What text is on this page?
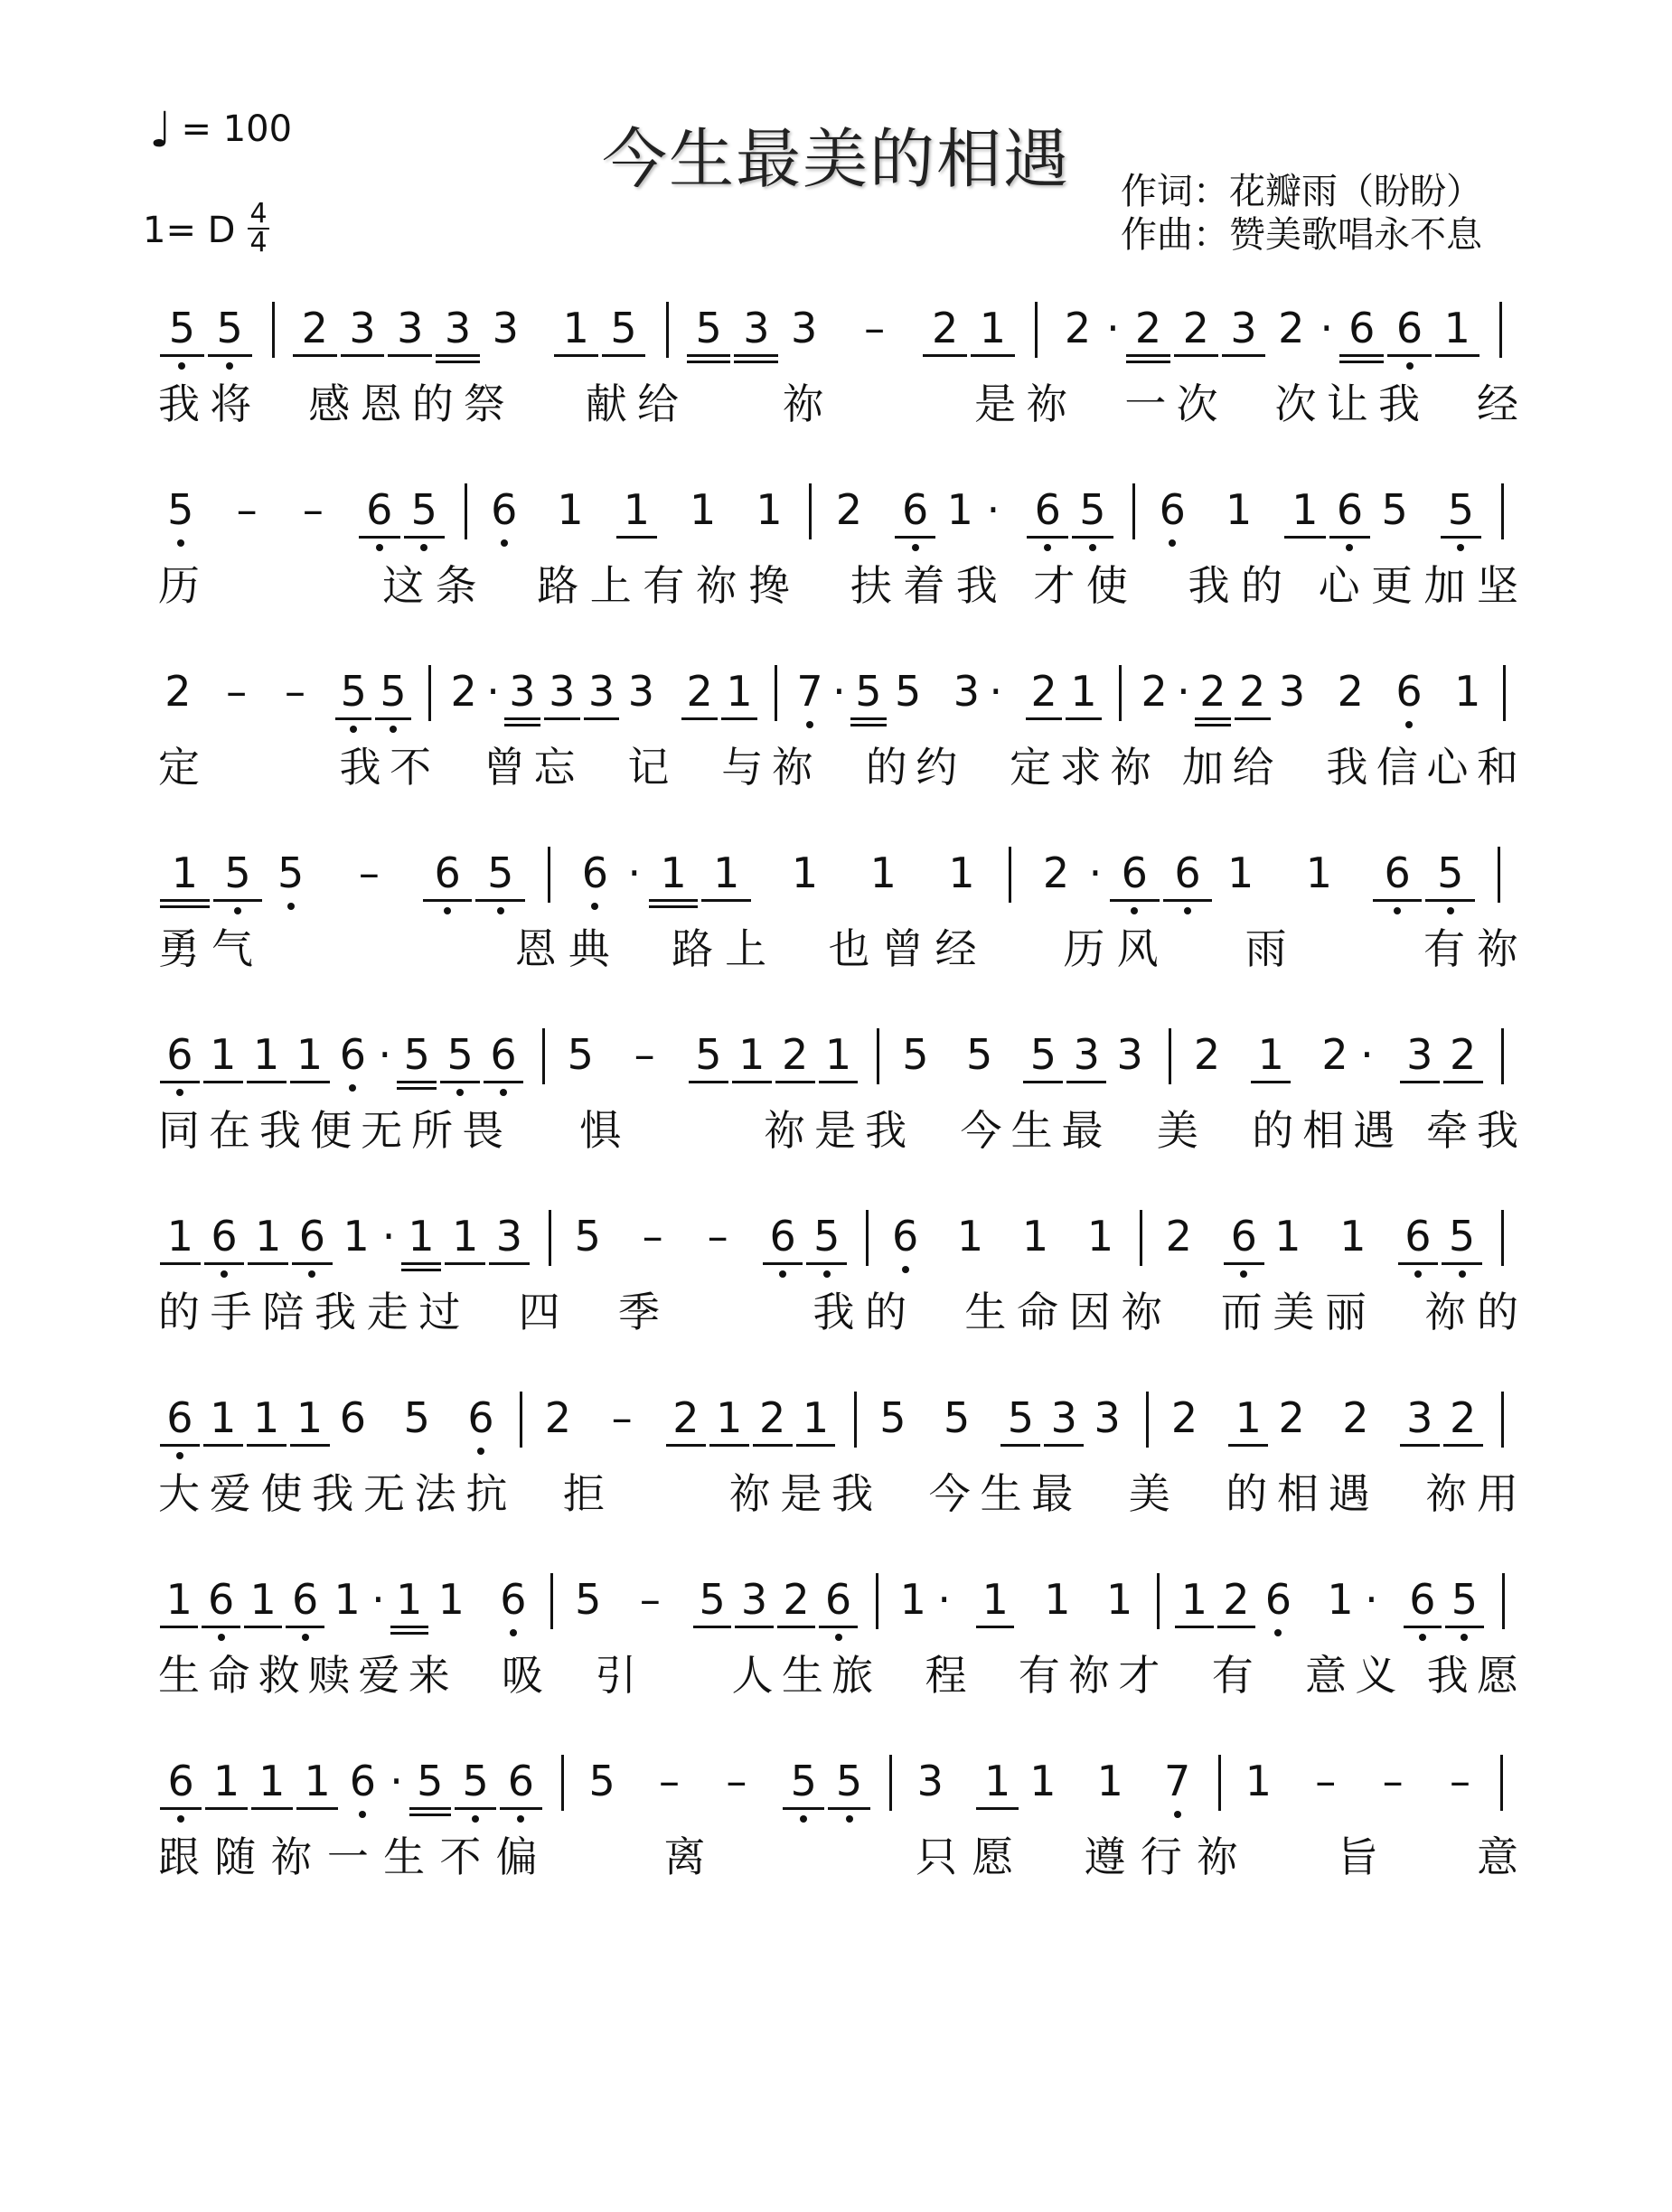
♩ = 100
1= D 4
4
今生最美的相遇	作词：花瓣雨（盼盼）
作曲：赞美歌唱永不息
5 5 2 3 3 3 3 1 5 5 3 3 – 2 1 2 · 2 2 3 2 · 6 6 1
我将  感恩的祭   献给    祢      是祢  一次  次让我  经
5 – – 6 5 6 1 1 1 1 2 6 1 · 6 5 6 1 1 6 5 5
历       这条  路上有祢搀  扶着我 才使  我的 心更加坚
2 – – 5 5 2 · 3 3 3 3 2 1 7 · 5 5 3 · 2 1 2 · 2 2 3 2 6 1
定      我不  曾忘  记  与祢  的约  定求祢 加给  我信心和
1 5 5 – 6 5 6 · 1 1 1 1 1 2 · 6 6 1 1 6 5
勇气          恩典  路上  也曾经   历风   雨     有祢
6 1 1 1 6 · 5 5 6 5 – 5 1 2 1 5 5 5 3 3 2 1 2 · 3 2
同在我便无所畏   惧      祢是我  今生最  美  的相遇 牵我
1 6 1 6 1 · 1 1 3 5 – – 6 5 6 1 1 1 2 6 1 1 6 5
的手陪我走过  四  季      我的  生命因祢  而美丽  祢的
6 1 1 1 6 5 6 2 – 2 1 2 1 5 5 5 3 3 2 1 2 2 3 2
大爱使我无法抗  拒     祢是我  今生最  美  的相遇  祢用
1 6 1 6 1 · 1 1 6 5 – 5 3 2 6 1 · 1 1 1 1 2 6 1 · 6 5
生命救赎爱来  吸  引    人生旅  程  有祢才  有  意义 我愿
6 1 1 1 6 · 5 5 6 5 – – 5 5 3 1 1 1 7 1 – – –
跟随祢一生不偏    离       只愿  遵行祢   旨   意
